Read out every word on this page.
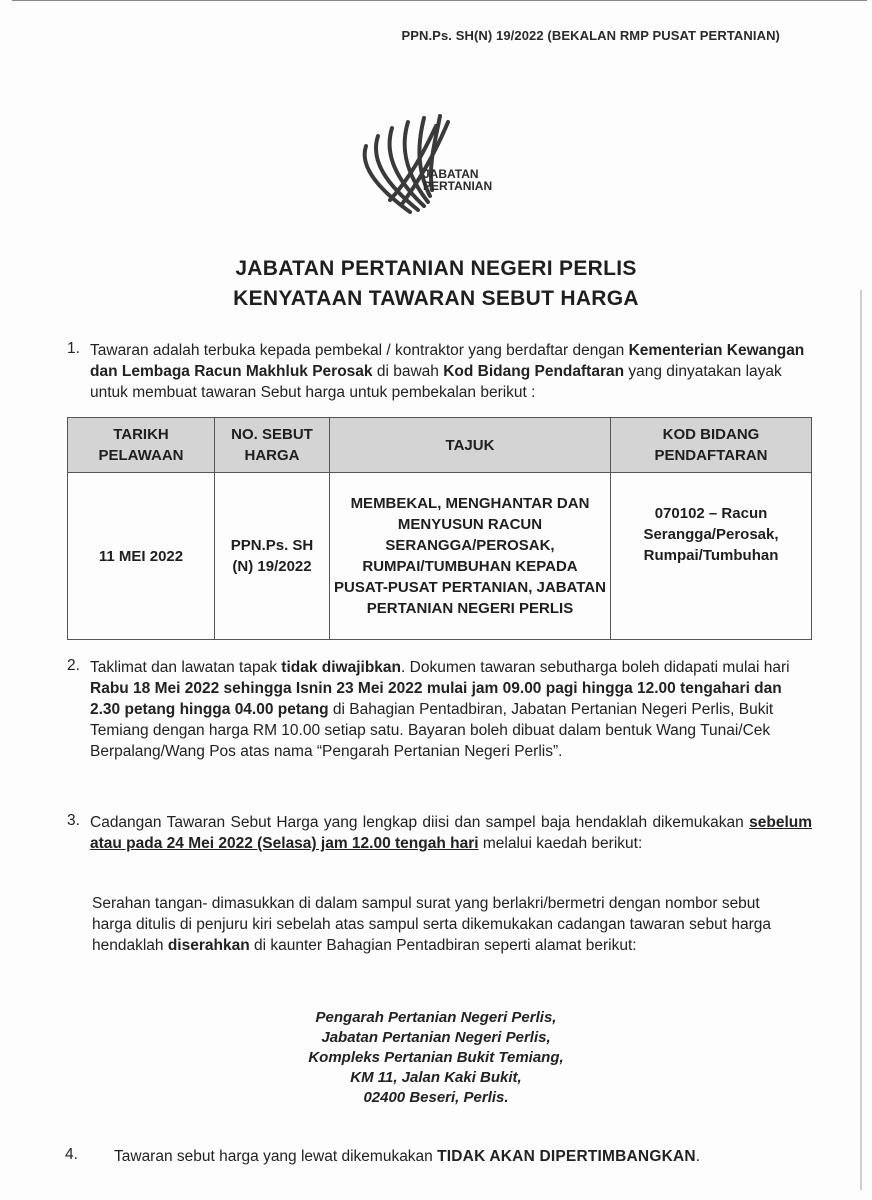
PPN.Ps. SH(N) 19/2022 (BEKALAN RMP PUSAT PERTANIAN)
JABATAN
PERTANIAN
JABATAN PERTANIAN NEGERI PERLIS
KENYATAAN TAWARAN SEBUT HARGA
1. Tawaran adalah terbuka kepada pembekal / kontraktor yang berdaftar dengan Kementerian Kewangan dan Lembaga Racun Makhluk Perosak di bawah Kod Bidang Pendaftaran yang dinyatakan layak untuk membuat tawaran Sebut harga untuk pembekalan berikut :
TARIKH PELAWAAN	NO. SEBUT HARGA	TAJUK	KOD BIDANG PENDAFTARAN
11 MEI 2022	PPN.Ps. SH (N) 19/2022	MEMBEKAL, MENGHANTAR DAN MENYUSUN RACUN SERANGGA/PEROSAK, RUMPAI/TUMBUHAN KEPADA PUSAT-PUSAT PERTANIAN, JABATAN PERTANIAN NEGERI PERLIS	070102 – Racun Serangga/Perosak, Rumpai/Tumbuhan
2. Taklimat dan lawatan tapak tidak diwajibkan. Dokumen tawaran sebutharga boleh didapati mulai hari Rabu 18 Mei 2022 sehingga Isnin 23 Mei 2022 mulai jam 09.00 pagi hingga 12.00 tengahari dan 2.30 petang hingga 04.00 petang di Bahagian Pentadbiran, Jabatan Pertanian Negeri Perlis, Bukit Temiang dengan harga RM 10.00 setiap satu. Bayaran boleh dibuat dalam bentuk Wang Tunai/Cek Berpalang/Wang Pos atas nama “Pengarah Pertanian Negeri Perlis”.
3. Cadangan Tawaran Sebut Harga yang lengkap diisi dan sampel baja hendaklah dikemukakan sebelum atau pada 24 Mei 2022 (Selasa) jam 12.00 tengah hari melalui kaedah berikut:
Serahan tangan- dimasukkan di dalam sampul surat yang berlakri/bermetri dengan nombor sebut harga ditulis di penjuru kiri sebelah atas sampul serta dikemukakan cadangan tawaran sebut harga hendaklah diserahkan di kaunter Bahagian Pentadbiran seperti alamat berikut:
Pengarah Pertanian Negeri Perlis,
Jabatan Pertanian Negeri Perlis,
Kompleks Pertanian Bukit Temiang,
KM 11, Jalan Kaki Bukit,
02400 Beseri, Perlis.
4. Tawaran sebut harga yang lewat dikemukakan TIDAK AKAN DIPERTIMBANGKAN.
